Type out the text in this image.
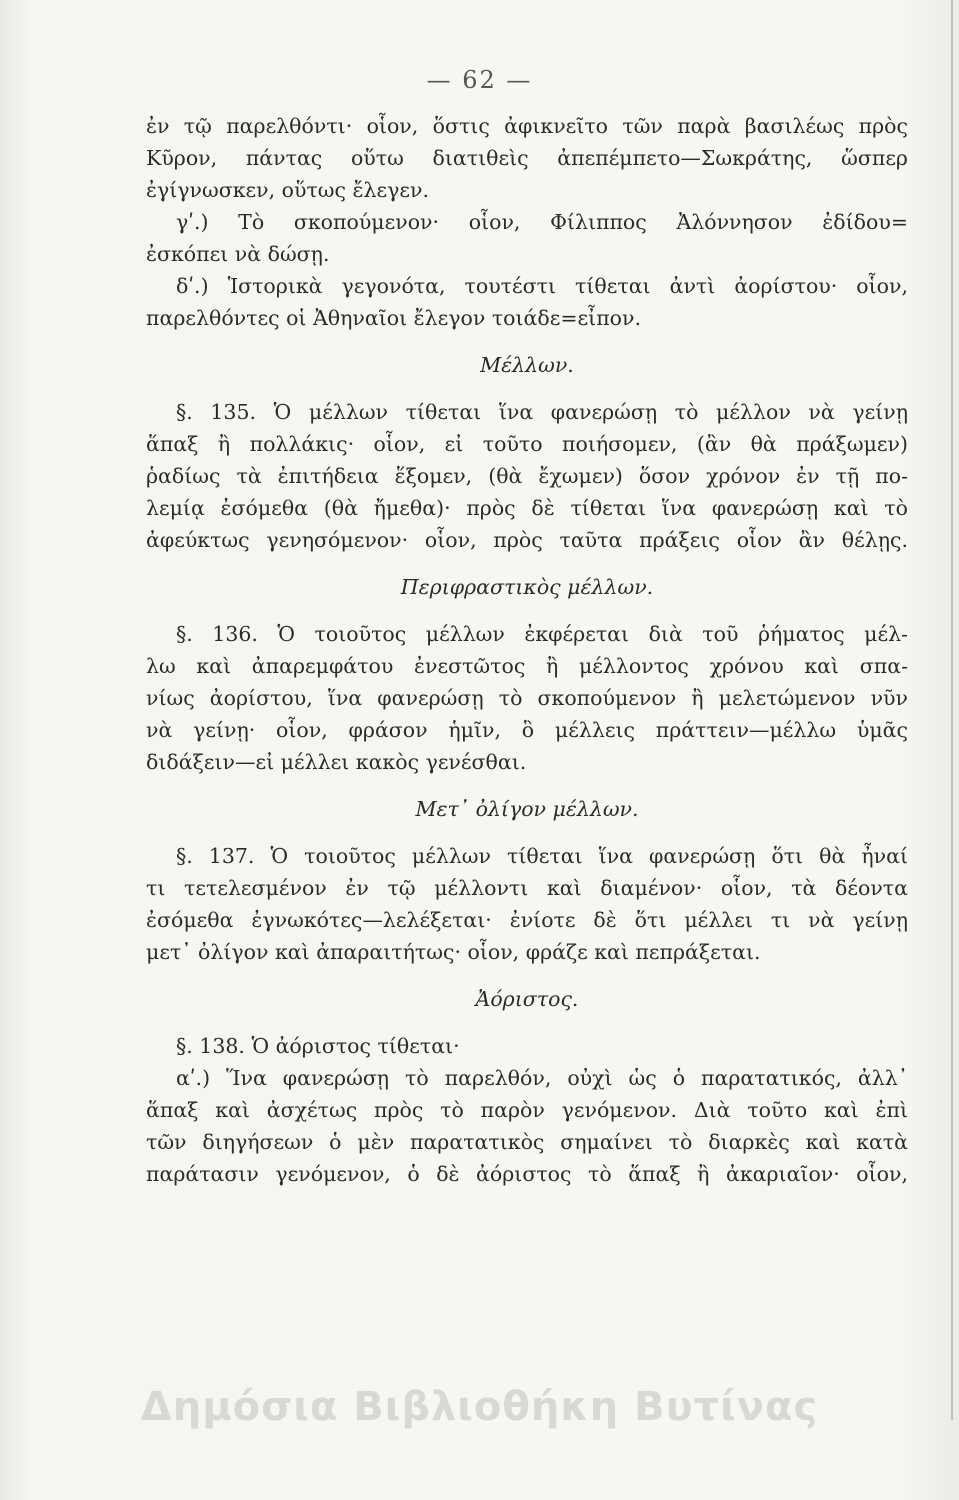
— 62 —
ἐν τῷ παρελθόντι· οἷον, ὅστις ἀφικνεῖτο τῶν παρὰ βασιλέως πρὸς
Κῦρον, πάντας οὕτω διατιθεὶς ἀπεπέμπετο—Σωκράτης, ὥσπερ
ἐγίγνωσκεν, οὕτως ἔλεγεν.
γʹ.) Τὸ σκοπούμενον· οἷον, Φίλιππος Ἀλόννησον ἐδίδου=
ἐσκόπει νὰ δώσῃ.
δʹ.) Ἱστορικὰ γεγονότα, τουτέστι τίθεται ἀντὶ ἀορίστου· οἷον,
παρελθόντες οἱ Ἀθηναῖοι ἔλεγον τοιάδε=εἶπον.
Μέλλων.
§. 135. Ὁ μέλλων τίθεται ἵνα φανερώσῃ τὸ μέλλον νὰ γείνῃ
ἅπαξ ἢ πολλάκις· οἷον, εἰ τοῦτο ποιήσομεν, (ἂν θὰ πράξωμεν)
ῥαδίως τὰ ἐπιτήδεια ἕξομεν, (θὰ ἔχωμεν) ὅσον χρόνον ἐν τῇ πο-
λεμίᾳ ἐσόμεθα (θὰ ἤμεθα)· πρὸς δὲ τίθεται ἵνα φανερώσῃ καὶ τὸ
ἀφεύκτως γενησόμενον· οἷον, πρὸς ταῦτα πράξεις οἷον ἂν θέλῃς.
Περιφραστικὸς μέλλων.
§. 136. Ὁ τοιοῦτος μέλλων ἐκφέρεται διὰ τοῦ ῥήματος μέλ-
λω καὶ ἀπαρεμφάτου ἐνεστῶτος ἢ μέλλοντος χρόνου καὶ σπα-
νίως ἀορίστου, ἵνα φανερώσῃ τὸ σκοπούμενον ἢ μελετώμενον νῦν
νὰ γείνῃ· οἷον, φράσον ἡμῖν, ὃ μέλλεις πράττειν—μέλλω ὑμᾶς
διδάξειν—εἰ μέλλει κακὸς γενέσθαι.
Μετ᾽ ὀλίγον μέλλων.
§. 137. Ὁ τοιοῦτος μέλλων τίθεται ἵνα φανερώσῃ ὅτι θὰ ἦναί
τι τετελεσμένον ἐν τῷ μέλλοντι καὶ διαμένον· οἷον, τὰ δέοντα
ἐσόμεθα ἐγνωκότες—λελέξεται· ἐνίοτε δὲ ὅτι μέλλει τι νὰ γείνῃ
μετ᾽ ὀλίγον καὶ ἀπαραιτήτως· οἷον, φράζε καὶ πεπράξεται.
Ἀόριστος.
§. 138. Ὁ ἀόριστος τίθεται·
αʹ.) Ἵνα φανερώσῃ τὸ παρελθόν, οὐχὶ ὡς ὁ παρατατικός, ἀλλ᾽
ἅπαξ καὶ ἀσχέτως πρὸς τὸ παρὸν γενόμενον. Διὰ τοῦτο καὶ ἐπὶ
τῶν διηγήσεων ὁ μὲν παρατατικὸς σημαίνει τὸ διαρκὲς καὶ κατὰ
παράτασιν γενόμενον, ὁ δὲ ἀόριστος τὸ ἅπαξ ἢ ἀκαριαῖον· οἷον,
Δημόσια Βιβλιοθήκη Βυτίνας
